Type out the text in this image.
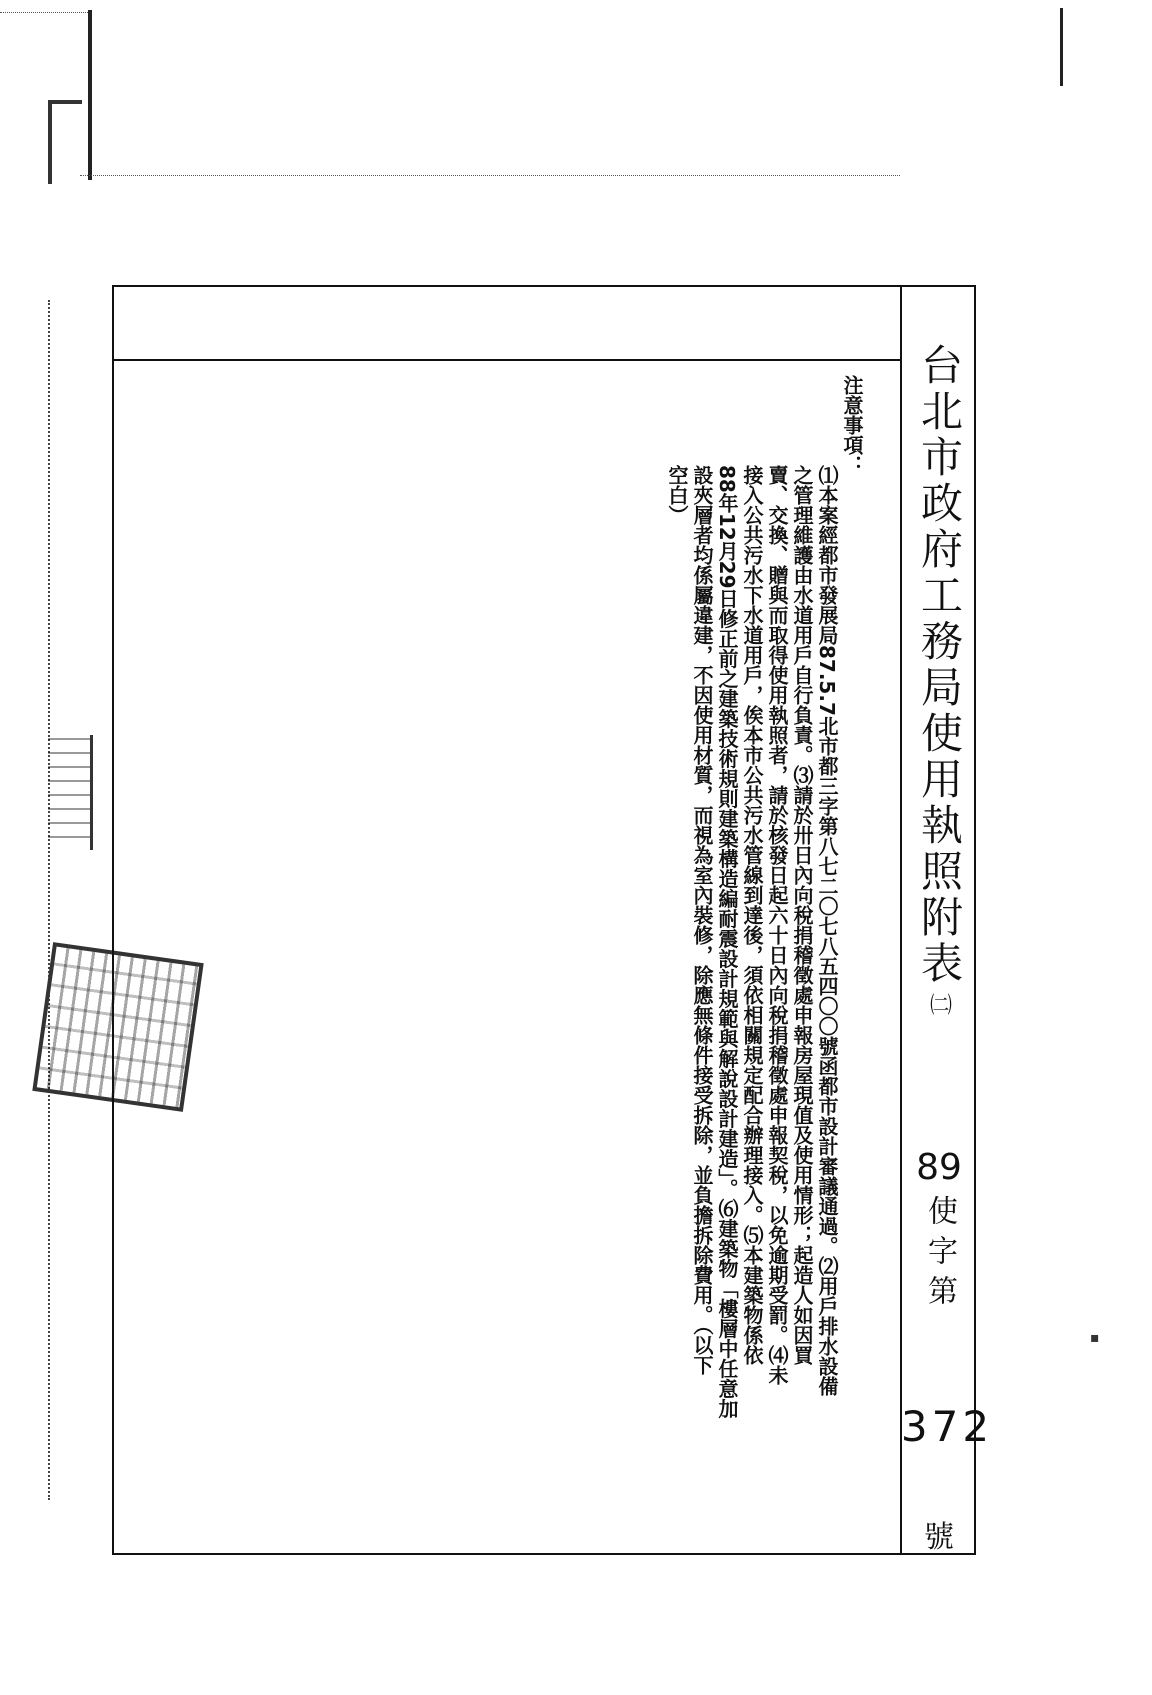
▪
台北市政府工務局使用執照附表
㈡
89
使字第
372
號
注意事項：
⑴本案經都市發展局87.5.7北市都三字第八七二〇七八五四〇〇號函都市設計審議通過。⑵用戶排水設備
之管理維護由水道用戶自行負責。⑶請於卅日內向稅捐稽徵處申報房屋現值及使用情形；起造人如因買
賣、交換、贈與而取得使用執照者，請於核發日起六十日內向稅捐稽徵處申報契稅，以免逾期受罰。⑷未
接入公共污水下水道用戶，俟本市公共污水管線到達後，須依相關規定配合辦理接入。⑸本建築物係依
88年12月29日修正前之建築技術規則建築構造編耐震設計規範與解說設計建造」。⑹建築物「樓層中任意加
設夾層者均係屬違建，不因使用材質，而視為室內裝修，除應無條件接受拆除，並負擔拆除費用。（以下
空白）
